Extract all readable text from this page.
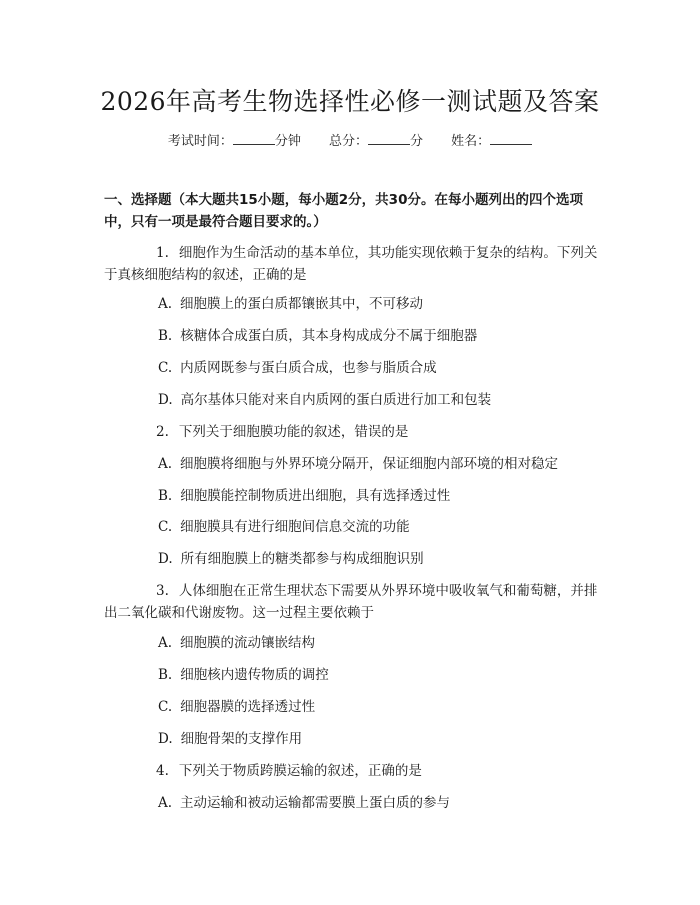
2026年高考生物选择性必修一测试题及答案
考试时间：	分钟 总分：	分 姓名：
一、选择题（本大题共15小题，每小题2分，共30分。在每小题列出的四个选项中，只有一项是最符合题目要求的。）
1. 细胞作为生命活动的基本单位，其功能实现依赖于复杂的结构。下列关于真核细胞结构的叙述，正确的是
A. 细胞膜上的蛋白质都镶嵌其中，不可移动
B. 核糖体合成蛋白质，其本身构成成分不属于细胞器
C. 内质网既参与蛋白质合成，也参与脂质合成
D. 高尔基体只能对来自内质网的蛋白质进行加工和包装
2. 下列关于细胞膜功能的叙述，错误的是
A. 细胞膜将细胞与外界环境分隔开，保证细胞内部环境的相对稳定
B. 细胞膜能控制物质进出细胞，具有选择透过性
C. 细胞膜具有进行细胞间信息交流的功能
D. 所有细胞膜上的糖类都参与构成细胞识别
3. 人体细胞在正常生理状态下需要从外界环境中吸收氧气和葡萄糖，并排出二氧化碳和代谢废物。这一过程主要依赖于
A. 细胞膜的流动镶嵌结构
B. 细胞核内遗传物质的调控
C. 细胞器膜的选择透过性
D. 细胞骨架的支撑作用
4. 下列关于物质跨膜运输的叙述，正确的是
A. 主动运输和被动运输都需要膜上蛋白质的参与
